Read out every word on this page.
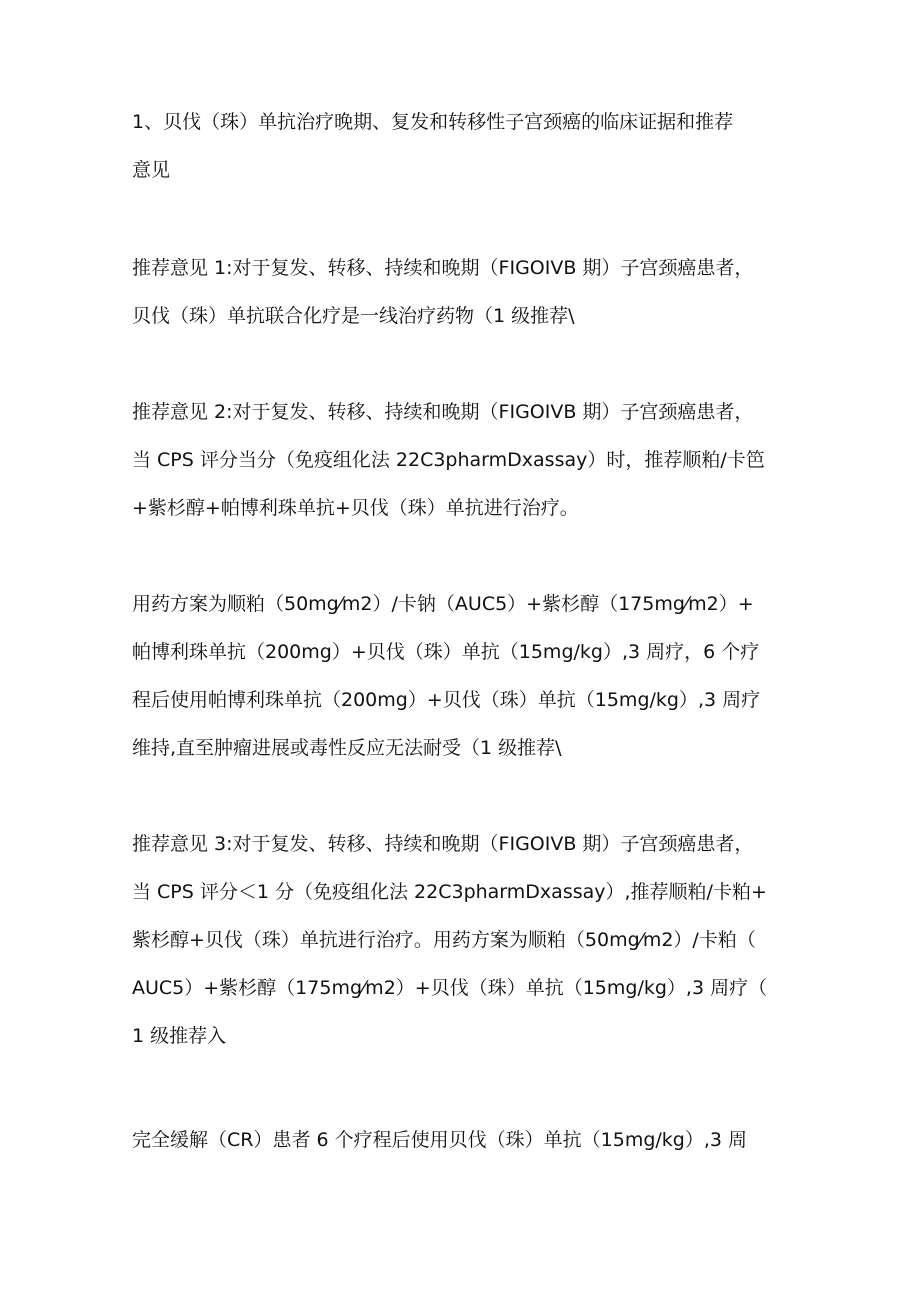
1、贝伐（珠）单抗治疗晚期、复发和转移性子宫颈癌的临床证据和推荐
意见
推荐意见 1:对于复发、转移、持续和晚期（FIGOIVB 期）子宫颈癌患者，
贝伐（珠）单抗联合化疗是一线治疗药物（1 级推荐\
推荐意见 2:对于复发、转移、持续和晚期（FIGOIVB 期）子宫颈癌患者，
当 CPS 评分当分（免疫组化法 22C3pharmDxassay）时，推荐顺粕/卡笆
+紫杉醇+帕博利珠单抗+贝伐（珠）单抗进行治疗。
用药方案为顺粕（50mg⁄m2）/卡钠（AUC5）+紫杉醇（175mg⁄m2）+
帕博利珠单抗（200mg）+贝伐（珠）单抗（15mg/kg）,3 周疗，6 个疗
程后使用帕博利珠单抗（200mg）+贝伐（珠）单抗（15mg/kg）,3 周疗
维持,直至肿瘤进展或毒性反应无法耐受（1 级推荐\
推荐意见 3:对于复发、转移、持续和晚期（FIGOIVB 期）子宫颈癌患者，
当 CPS 评分＜1 分（免疫组化法 22C3pharmDxassay）,推荐顺粕/卡粕+
紫杉醇+贝伐（珠）单抗进行治疗。用药方案为顺粕（50mg⁄m2）/卡粕（
AUC5）+紫杉醇（175mg⁄m2）+贝伐（珠）单抗（15mg/kg）,3 周疗（
1 级推荐入
完全缓解（CR）患者 6 个疗程后使用贝伐（珠）单抗（15mg/kg）,3 周
